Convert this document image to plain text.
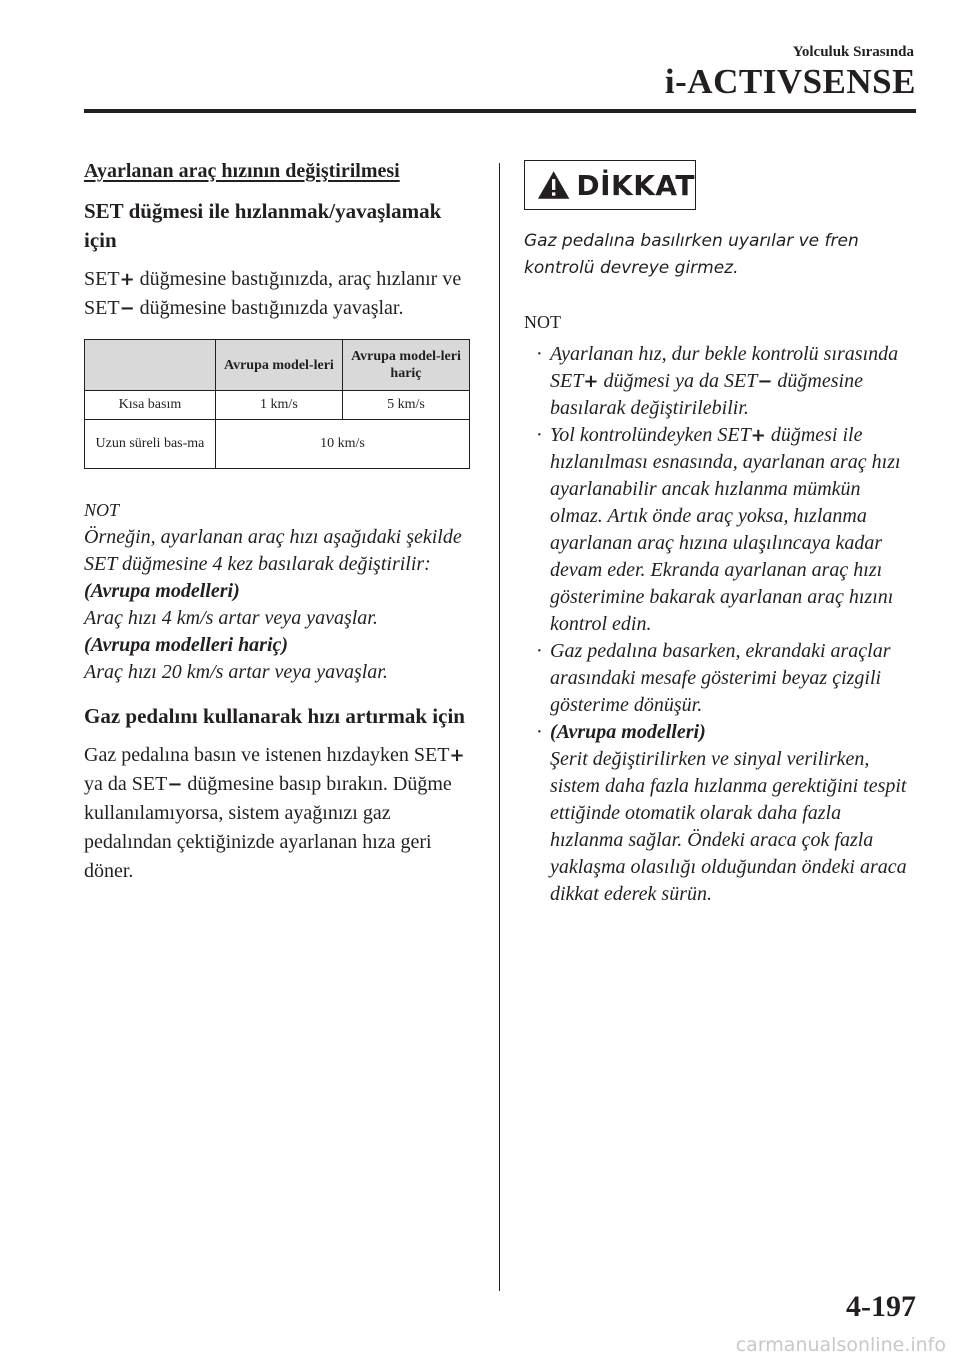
Yolculuk Sırasında
i-ACTIVSENSE
Ayarlanan araç hızının değiştirilmesi
SET düğmesi ile hızlanmak/yavaşlamak için

SET+ düğmesine bastığınızda, araç hızlanır ve SET− düğmesine bastığınızda yavaşlar.

	Avrupa model-leri	Avrupa model-leri hariç
Kısa basım	1 km/s	5 km/s
Uzun süreli bas-ma	10 km/s	

NOT

Örneğin, ayarlanan araç hızı aşağıdaki şekilde SET düğmesine 4 kez basılarak değiştirilir:

(Avrupa modelleri)

Araç hızı 4 km/s artar veya yavaşlar.

(Avrupa modelleri hariç)

Araç hızı 20 km/s artar veya yavaşlar.

Gaz pedalını kullanarak hızı artırmak için

Gaz pedalına basın ve istenen hızdayken SET+ ya da SET− düğmesine basıp bırakın. Düğme kullanılamıyorsa, sistem ayağınızı gaz pedalından çektiğinizde ayarlanan hıza geri döner.

DİKKAT

Gaz pedalına basılırken uyarılar ve fren kontrolü devreye girmez.

NOT

· Ayarlanan hız, dur bekle kontrolü sırasında SET+ düğmesi ya da SET− düğmesine basılarak değiştirilebilir.
· Yol kontrolündeyken SET+ düğmesi ile hızlanılması esnasında, ayarlanan araç hızı ayarlanabilir ancak hızlanma mümkün olmaz. Artık önde araç yoksa, hızlanma ayarlanan araç hızına ulaşılıncaya kadar devam eder. Ekranda ayarlanan araç hızı gösterimine bakarak ayarlanan araç hızını kontrol edin.
· Gaz pedalına basarken, ekrandaki araçlar arasındaki mesafe gösterimi beyaz çizgili gösterime dönüşür.
· (Avrupa modelleri)
Şerit değiştirilirken ve sinyal verilirken, sistem daha fazla hızlanma gerektiğini tespit ettiğinde otomatik olarak daha fazla hızlanma sağlar. Öndeki araca çok fazla yaklaşma olasılığı olduğundan öndeki araca dikkat ederek sürün.
4-197
carmanualsonline.info
